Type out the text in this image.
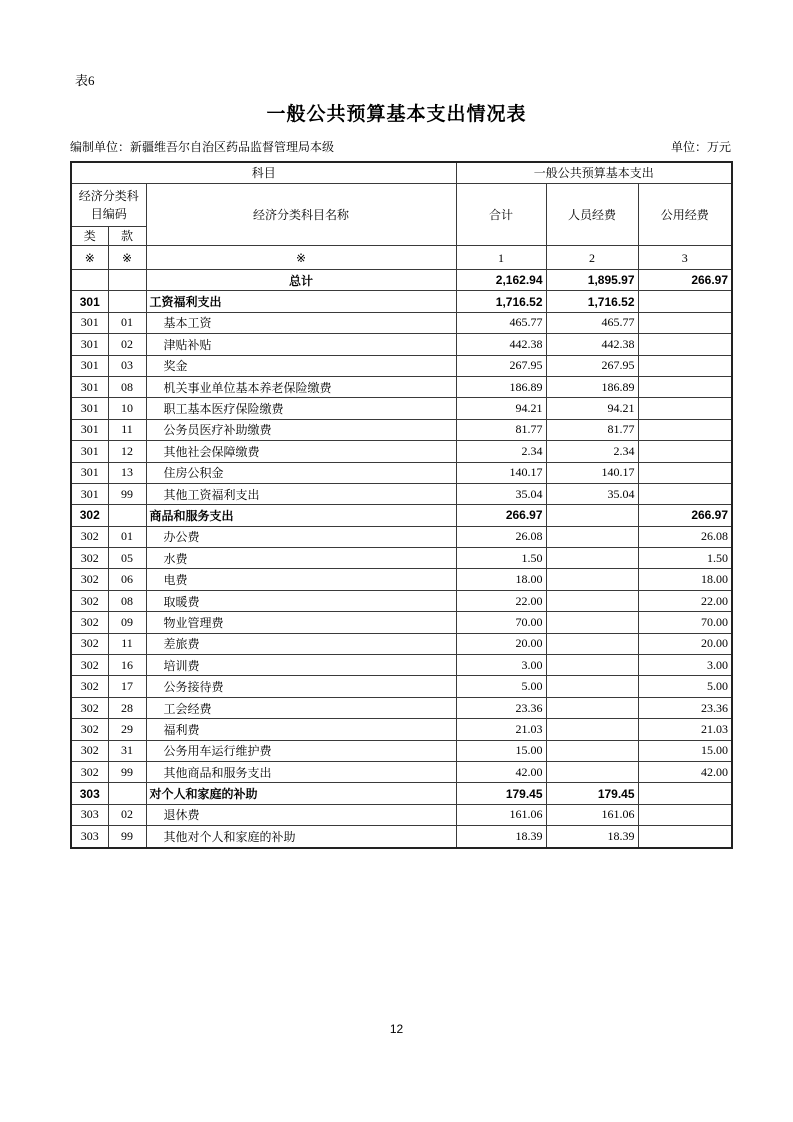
表6
一般公共预算基本支出情况表
编制单位：新疆维吾尔自治区药品监督管理局本级	单位：万元
科目			一般公共预算基本支出		
经济分类科目编码		经济分类科目名称	合计	人员经费	公用经费
类	款				
※	※	※	1	2	3
		总计	2,162.94	1,895.97	266.97
301		工资福利支出	1,716.52	1,716.52	
301	01	基本工资	465.77	465.77	
301	02	津贴补贴	442.38	442.38	
301	03	奖金	267.95	267.95	
301	08	机关事业单位基本养老保险缴费	186.89	186.89	
301	10	职工基本医疗保险缴费	94.21	94.21	
301	11	公务员医疗补助缴费	81.77	81.77	
301	12	其他社会保障缴费	2.34	2.34	
301	13	住房公积金	140.17	140.17	
301	99	其他工资福利支出	35.04	35.04	
302		商品和服务支出	266.97		266.97
302	01	办公费	26.08		26.08
302	05	水费	1.50		1.50
302	06	电费	18.00		18.00
302	08	取暖费	22.00		22.00
302	09	物业管理费	70.00		70.00
302	11	差旅费	20.00		20.00
302	16	培训费	3.00		3.00
302	17	公务接待费	5.00		5.00
302	28	工会经费	23.36		23.36
302	29	福利费	21.03		21.03
302	31	公务用车运行维护费	15.00		15.00
302	99	其他商品和服务支出	42.00		42.00
303		对个人和家庭的补助	179.45	179.45	
303	02	退休费	161.06	161.06	
303	99	其他对个人和家庭的补助	18.39	18.39	
12
